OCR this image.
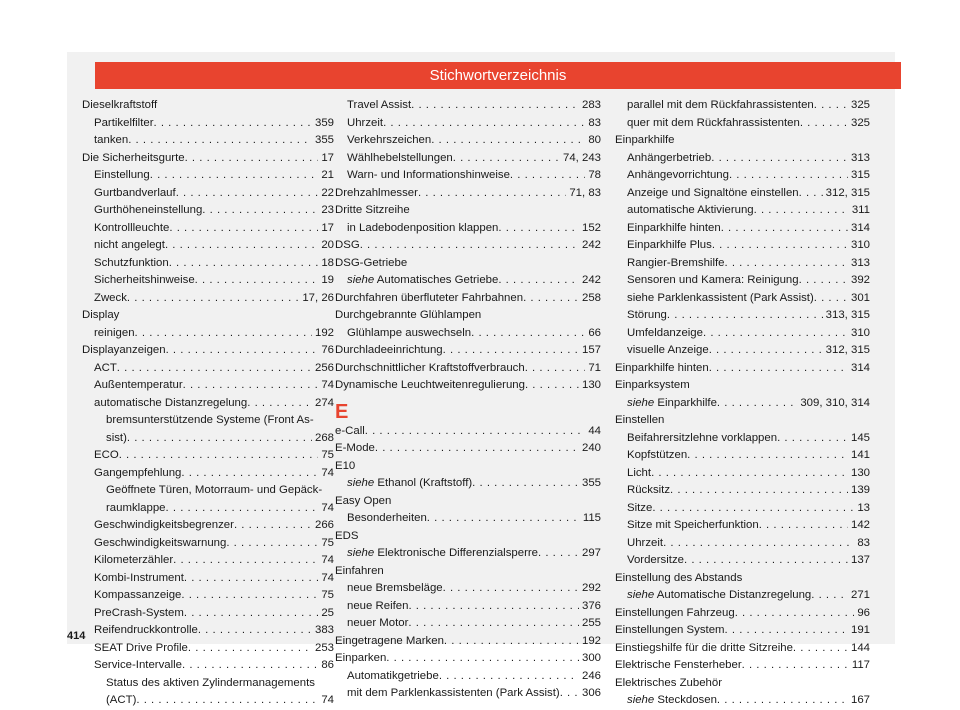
Stichwortverzeichnis
Dieselkraftstoff
Partikelfilter . . .	359
tanken . . .	355
Die Sicherheitsgurte . . .	17
Einstellung . . .	21
Gurtbandverlauf . . .	22
Gurthöheneinstellung . . .	23
Kontrollleuchte . . .	17
nicht angelegt . . .	20
Schutzfunktion . . .	18
Sicherheitshinweise . . .	19
Zweck . . .	17, 26
Display
reinigen . . .	192
Displayanzeigen . . .	76
ACT . . .	256
Außentemperatur . . .	74
automatische Distanzregelung . . .	274
bremsunterstützende Systeme (Front As-
sist) . . .	268
ECO . . .	75
Gangempfehlung . . .	74
Geöffnete Türen, Motorraum- und Gepäck-
raumklappe . . .	74
Geschwindigkeitsbegrenzer . . .	266
Geschwindigkeitswarnung . . .	75
Kilometerzähler . . .	74
Kombi-Instrument . . .	74
Kompassanzeige . . .	75
PreCrash-System . . .	25
Reifendruckkontrolle . . .	383
SEAT Drive Profile . . .	253
Service-Intervalle . . .	86
Status des aktiven Zylindermanagements
(ACT) . . .	74
Travel Assist . . .	283
Uhrzeit . . .	83
Verkehrszeichen . . .	80
Wählhebelstellungen . . .	74, 243
Warn- und Informationshinweise . . .	78
Drehzahlmesser . . .	71, 83
Dritte Sitzreihe
in Ladebodenposition klappen . . .	152
DSG . . .	242
DSG-Getriebe
siehe Automatisches Getriebe . . .	242
Durchfahren überfluteter Fahrbahnen . . .	258
Durchgebrannte Glühlampen
Glühlampe auswechseln . . .	66
Durchladeeinrichtung . . .	157
Durchschnittlicher Kraftstoffverbrauch . . .	71
Dynamische Leuchtweitenregulierung . . .	130
E
e-Call . . .	44
E-Mode . . .	240
E10
siehe Ethanol (Kraftstoff) . . .	355
Easy Open
Besonderheiten . . .	115
EDS
siehe Elektronische Differenzialsperre . . .	297
Einfahren
neue Bremsbeläge . . .	292
neue Reifen . . .	376
neuer Motor . . .	255
Eingetragene Marken . . .	192
Einparken . . .	300
Automatikgetriebe . . .	246
mit dem Parklenkassistenten (Park Assist) . . . 306
parallel mit dem Rückfahrassistenten . . .	325
quer mit dem Rückfahrassistenten . . .	325
Einparkhilfe
Anhängerbetrieb . . .	313
Anhängevorrichtung . . .	315
Anzeige und Signaltöne einstellen . . . 312, 315
automatische Aktivierung . . .	311
Einparkhilfe hinten . . .	314
Einparkhilfe Plus . . .	310
Rangier-Bremshilfe . . .	313
Sensoren und Kamera: Reinigung . . .	392
siehe Parklenkassistent (Park Assist) . . .	301
Störung . . .	313, 315
Umfeldanzeige . . .	310
visuelle Anzeige . . .	312, 315
Einparkhilfe hinten . . .	314
Einparksystem
siehe Einparkhilfe . . .	309, 310, 314
Einstellen
Beifahrersitzlehne vorklappen . . .	145
Kopfstützen . . .	141
Licht . . .	130
Rücksitz . . .	139
Sitze . . .	13
Sitze mit Speicherfunktion . . .	142
Uhrzeit . . .	83
Vordersitze . . .	137
Einstellung des Abstands
siehe Automatische Distanzregelung . . .	271
Einstellungen Fahrzeug . . .	96
Einstellungen System . . .	191
Einstiegshilfe für die dritte Sitzreihe . . .	144
Elektrische Fensterheber . . .	117
Elektrisches Zubehör
siehe Steckdosen . . .	167
414
